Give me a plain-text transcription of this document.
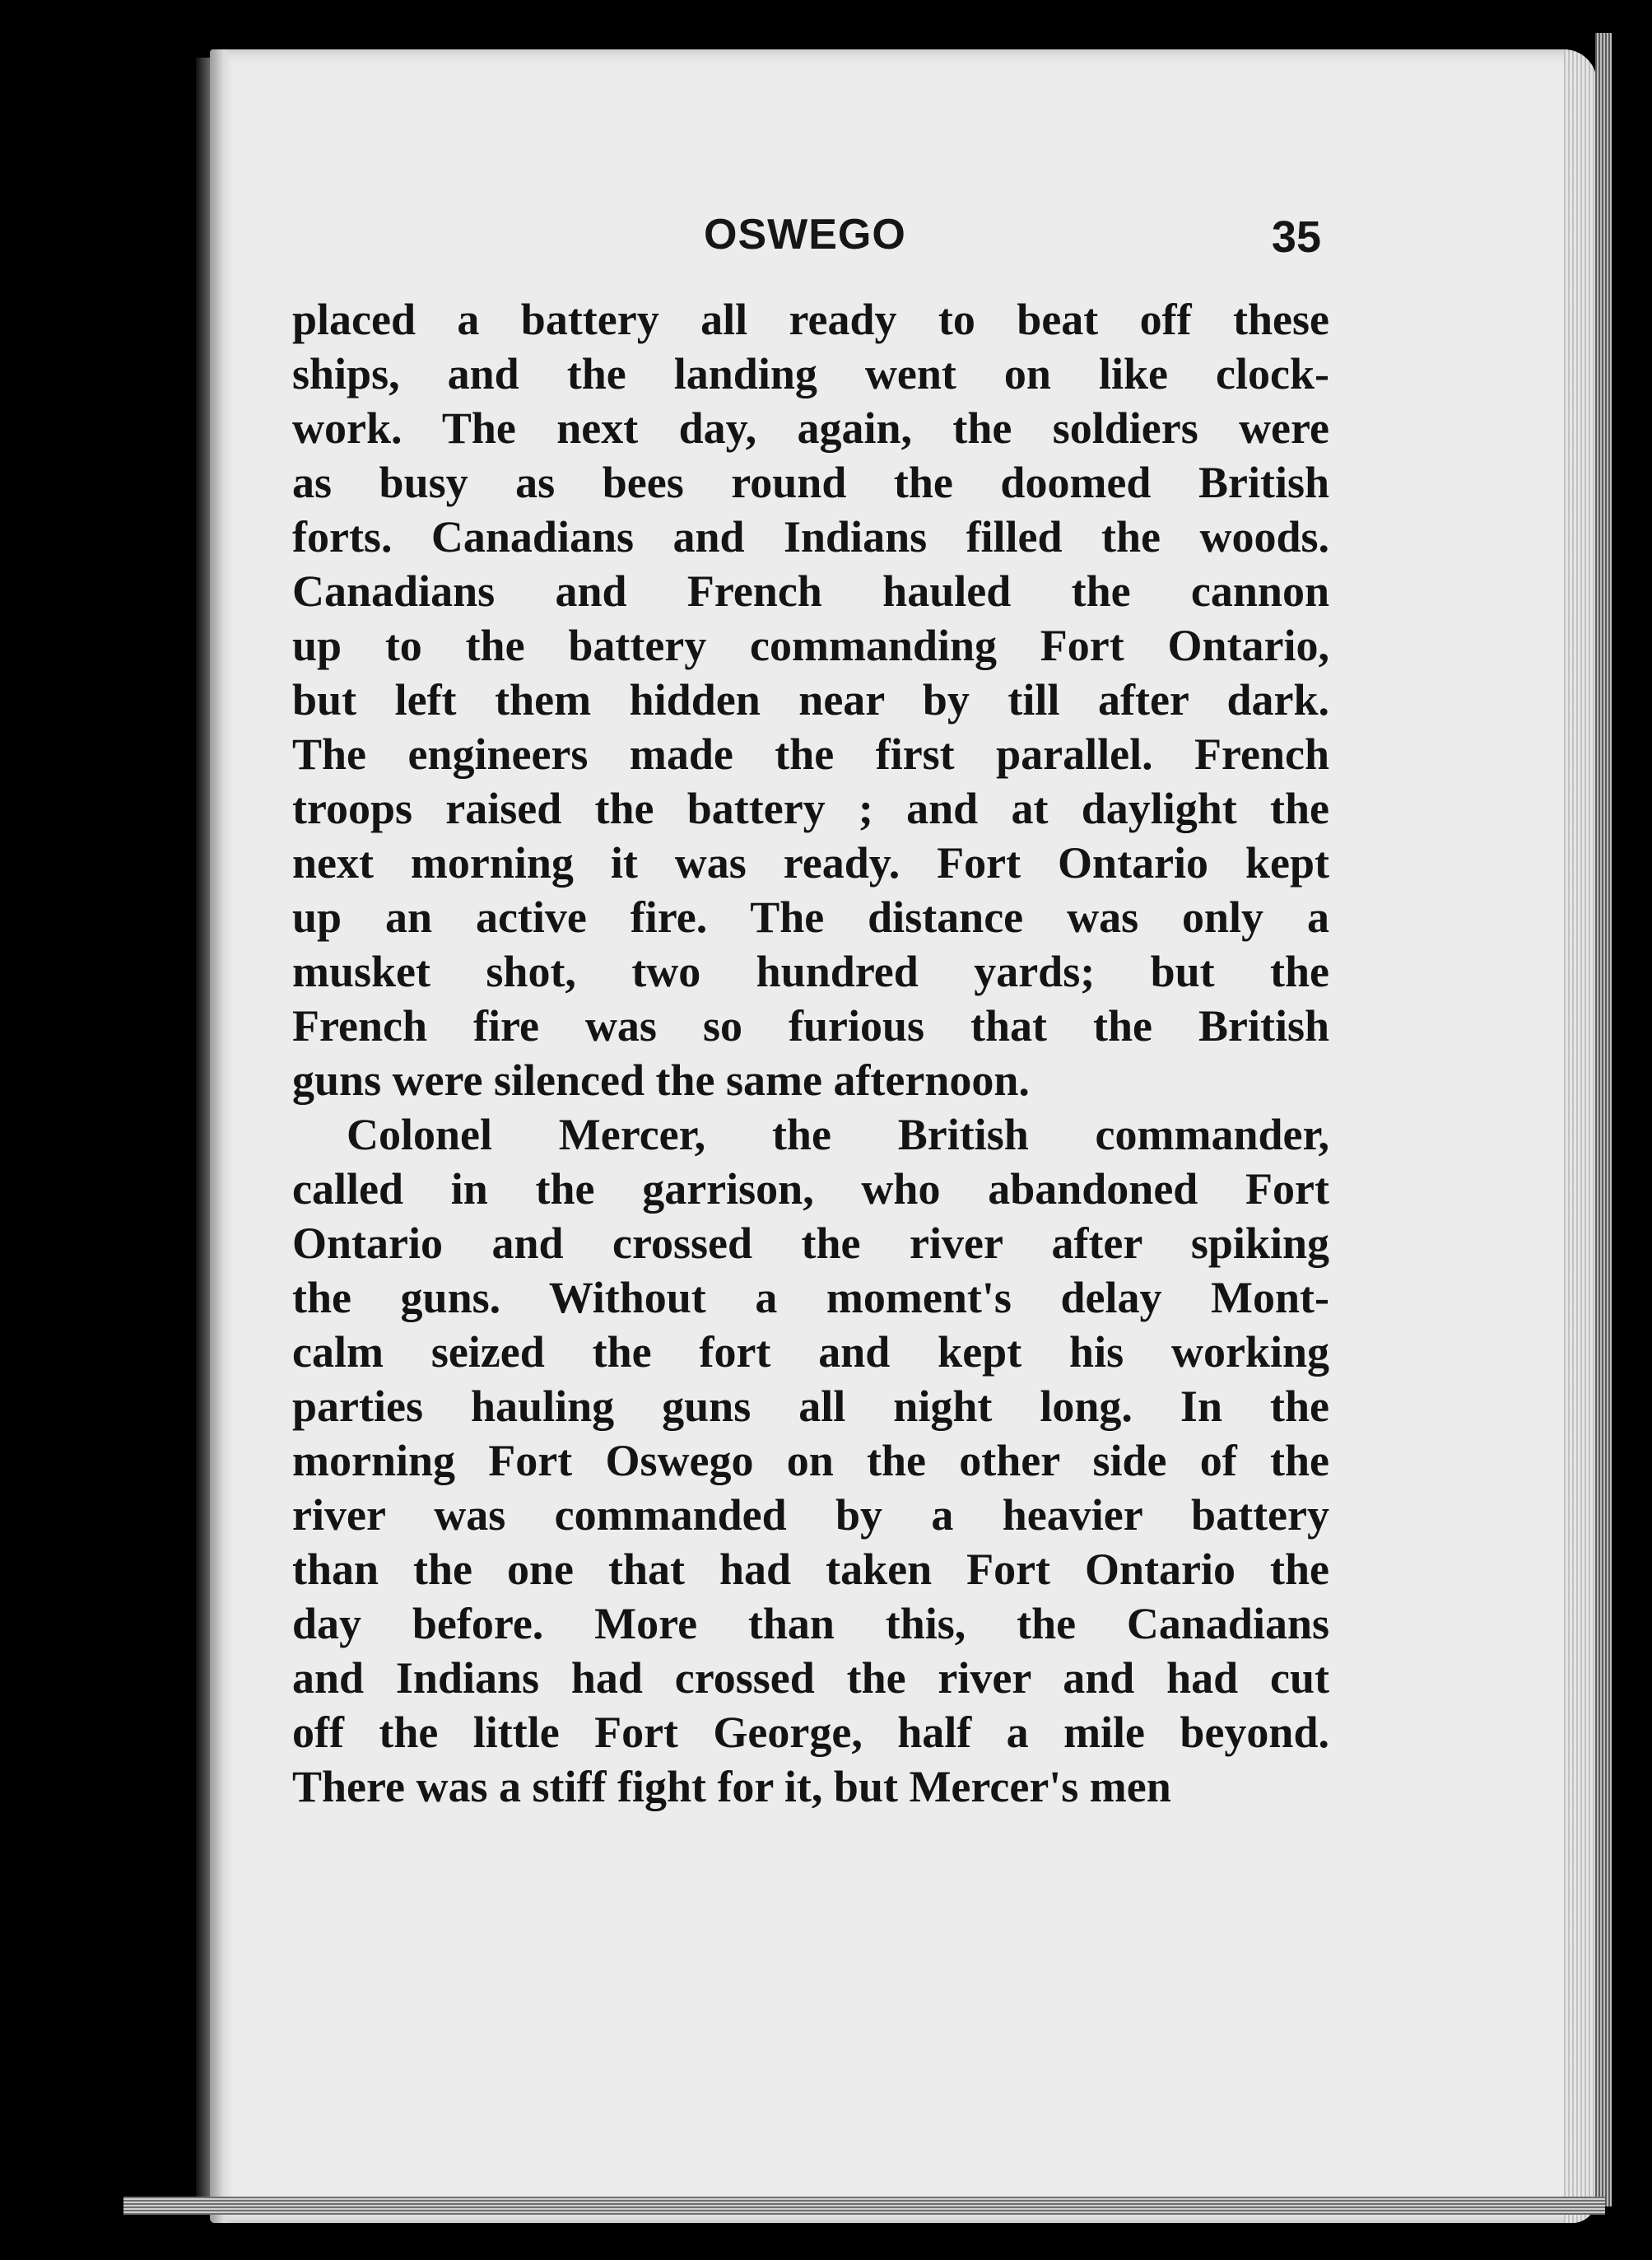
OSWEGO	35
placed a battery all ready to beat off these
ships, and the landing went on like clock-
work. The next day, again, the soldiers were
as busy as bees round the doomed British
forts. Canadians and Indians filled the woods.
Canadians and French hauled the cannon
up to the battery commanding Fort Ontario,
but left them hidden near by till after dark.
The engineers made the first parallel. French
troops raised the battery ; and at daylight the
next morning it was ready. Fort Ontario kept
up an active fire. The distance was only a
musket shot, two hundred yards; but the
French fire was so furious that the British
guns were silenced the same afternoon.
Colonel Mercer, the British commander,
called in the garrison, who abandoned Fort
Ontario and crossed the river after spiking
the guns. Without a moment's delay Mont-
calm seized the fort and kept his working
parties hauling guns all night long. In the
morning Fort Oswego on the other side of the
river was commanded by a heavier battery
than the one that had taken Fort Ontario the
day before. More than this, the Canadians
and Indians had crossed the river and had cut
off the little Fort George, half a mile beyond.
There was a stiff fight for it, but Mercer's men
